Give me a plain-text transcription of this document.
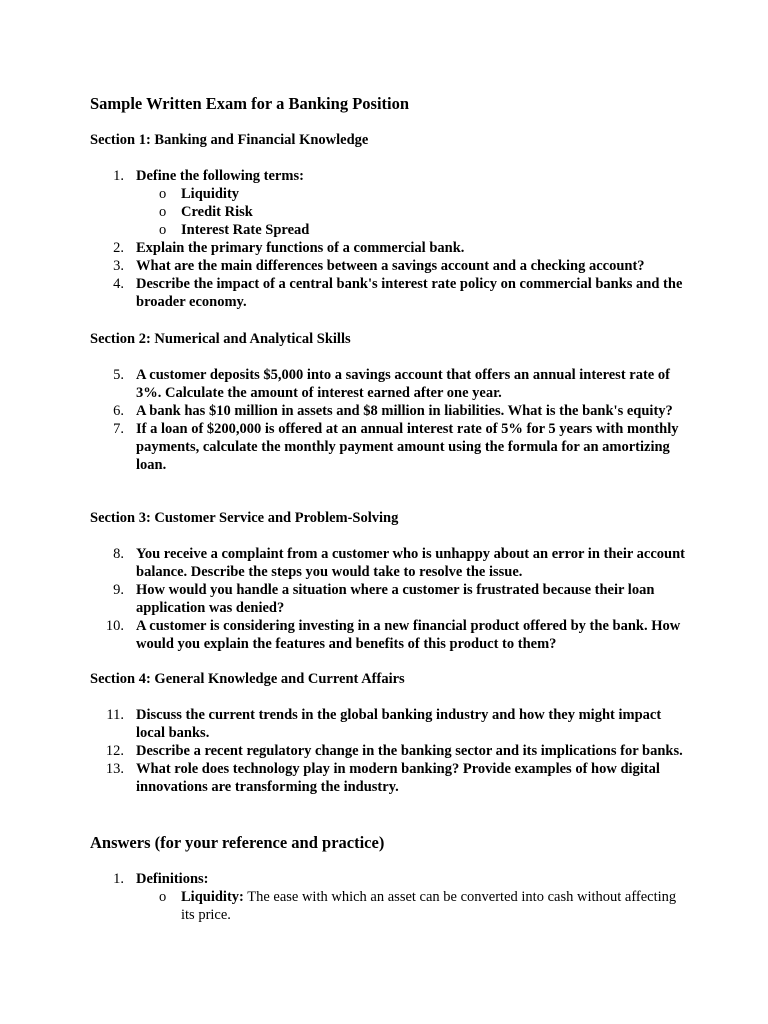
Sample Written Exam for a Banking Position
Section 1: Banking and Financial Knowledge
1. Define the following terms:
o Liquidity
o Credit Risk
o Interest Rate Spread
2. Explain the primary functions of a commercial bank.
3. What are the main differences between a savings account and a checking account?
4. Describe the impact of a central bank's interest rate policy on commercial banks and the broader economy.
Section 2: Numerical and Analytical Skills
5. A customer deposits $5,000 into a savings account that offers an annual interest rate of 3%. Calculate the amount of interest earned after one year.
6. A bank has $10 million in assets and $8 million in liabilities. What is the bank's equity?
7. If a loan of $200,000 is offered at an annual interest rate of 5% for 5 years with monthly payments, calculate the monthly payment amount using the formula for an amortizing loan.
Section 3: Customer Service and Problem-Solving
8. You receive a complaint from a customer who is unhappy about an error in their account balance. Describe the steps you would take to resolve the issue.
9. How would you handle a situation where a customer is frustrated because their loan application was denied?
10. A customer is considering investing in a new financial product offered by the bank. How would you explain the features and benefits of this product to them?
Section 4: General Knowledge and Current Affairs
11. Discuss the current trends in the global banking industry and how they might impact local banks.
12. Describe a recent regulatory change in the banking sector and its implications for banks.
13. What role does technology play in modern banking? Provide examples of how digital innovations are transforming the industry.
Answers (for your reference and practice)
1. Definitions:
o Liquidity: The ease with which an asset can be converted into cash without affecting its price.
